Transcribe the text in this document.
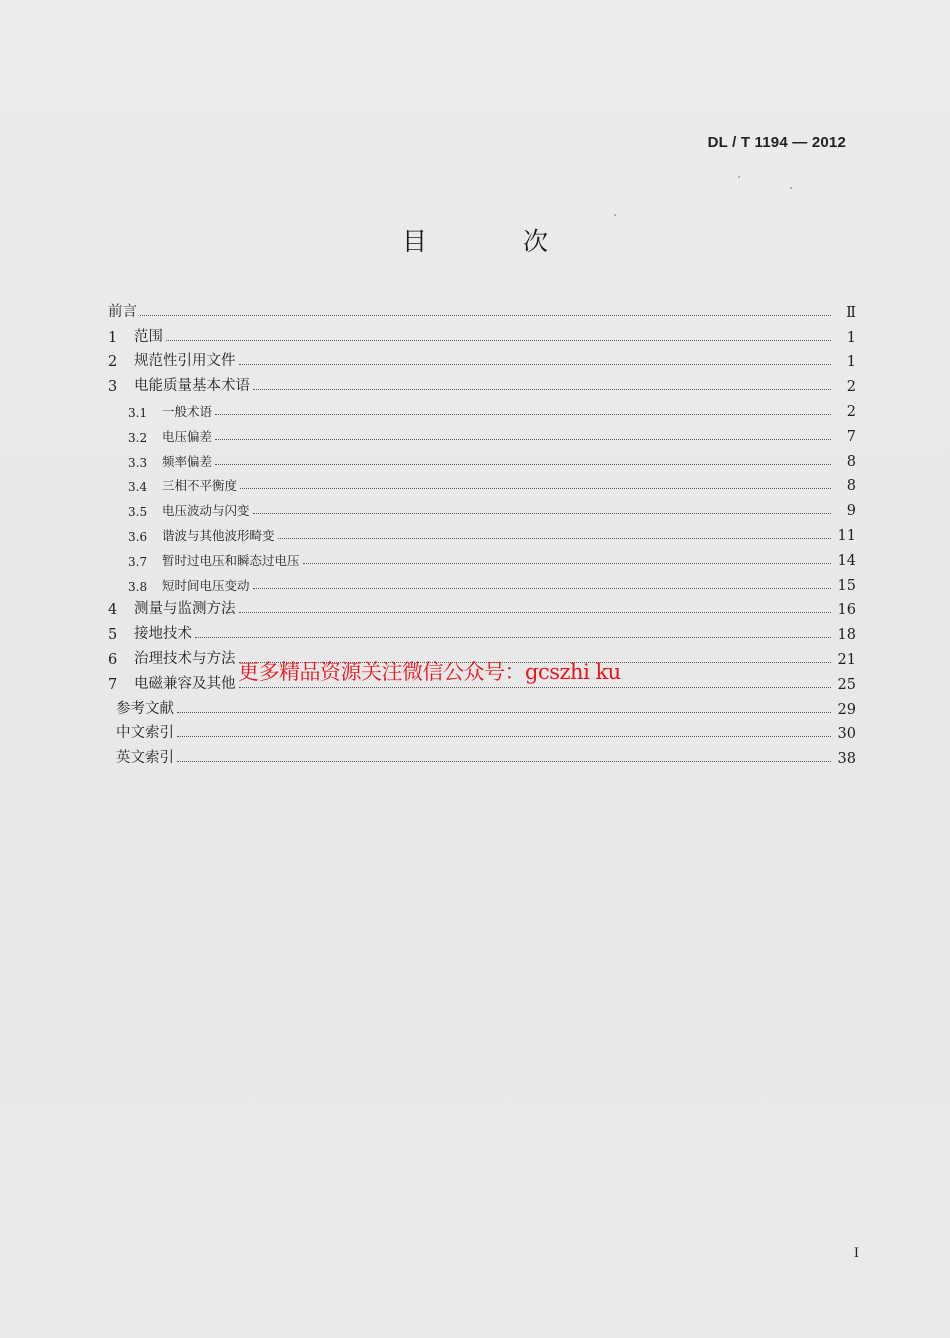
DL / T 1194 — 2012
目 次
前言	Ⅱ
1	范围	1
2	规范性引用文件	1
3	电能质量基本术语	2
3.1	一般术语	2
3.2	电压偏差	7
3.3	频率偏差	8
3.4	三相不平衡度	8
3.5	电压波动与闪变	9
3.6	谐波与其他波形畸变	11
3.7	暂时过电压和瞬态过电压	14
3.8	短时间电压变动	15
4	测量与监测方法	16
5	接地技术	18
6	治理技术与方法	21
7	电磁兼容及其他	25
参考文献	29
中文索引	30
英文索引	38
更多精品资源关注微信公众号：gcszhi ku
I
